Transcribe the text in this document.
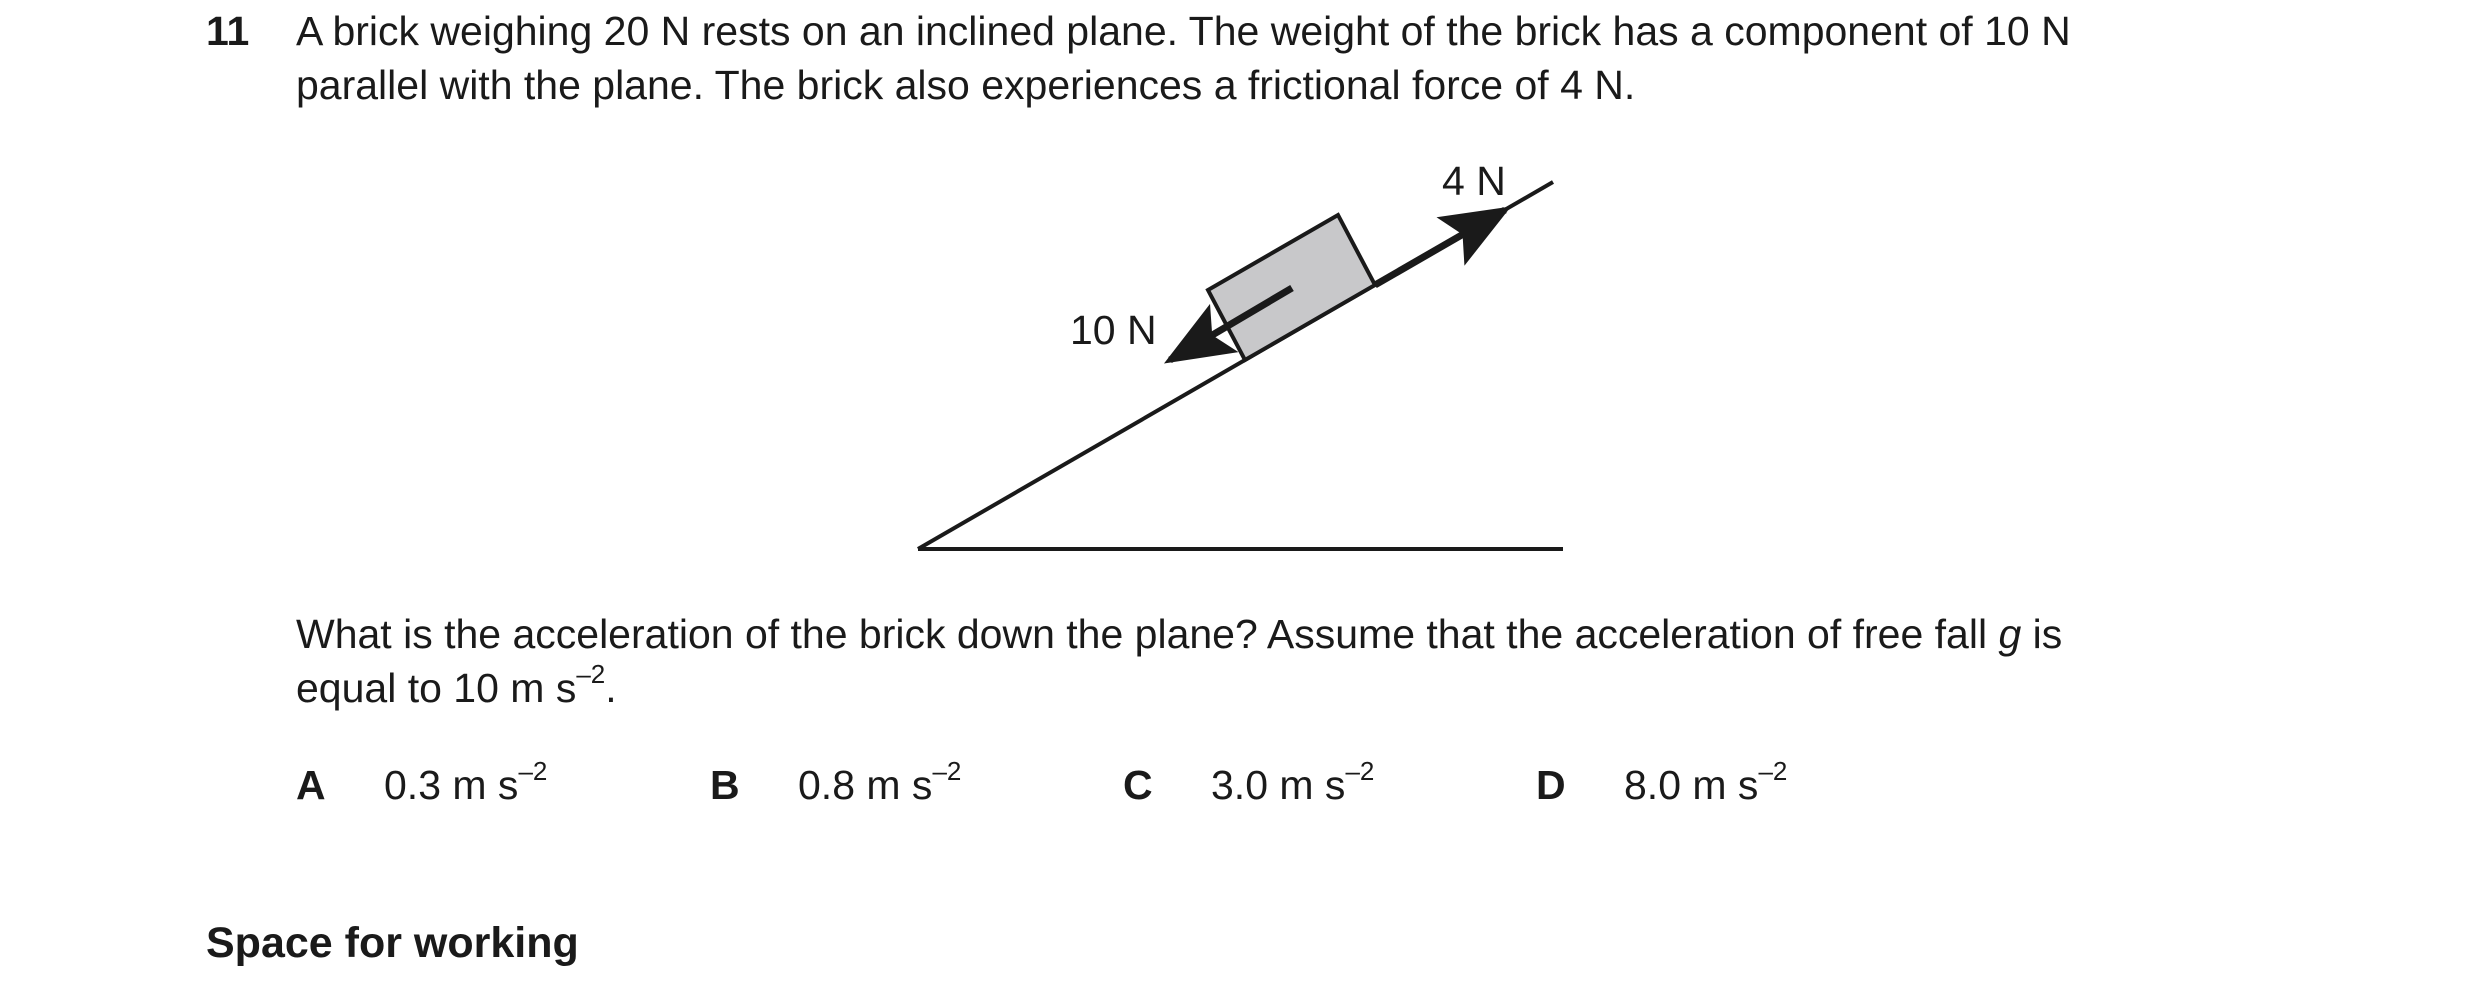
11 A brick weighing 20 N rests on an inclined plane. The weight of the brick has a component of 10 N

parallel with the plane. The brick also experiences a frictional force of 4 N.

4 N
10 N

What is the acceleration of the brick down the plane? Assume that the acceleration of free fall g is

equal to 10 m $s^{-2}$.

A 0.3 m $s^{-2}$	B 0.8 m $s^{-2}$	C 3.0 m $s^{-2}$	D 8.0 m $s^{-2}$
Space for working
